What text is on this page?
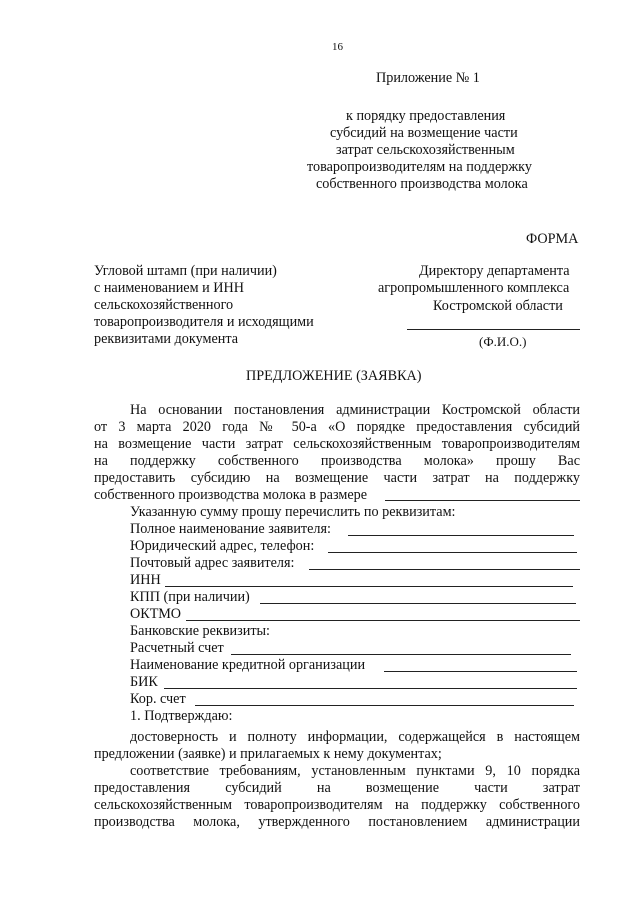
16
Приложение № 1
к порядку предоставления
субсидий на возмещение части
затрат сельскохозяйственным
товаропроизводителям на поддержку
собственного производства молока
ФОРМА
Угловой штамп (при наличии)
с наименованием и ИНН
сельскохозяйственного
товаропроизводителя и исходящими
реквизитами документа
Директору департамента
агропромышленного комплекса
Костромской области
(Ф.И.О.)
ПРЕДЛОЖЕНИЕ (ЗАЯВКА)
На основании постановления администрации Костромской области
от 3 марта 2020 года № 50-а «О порядке предоставления субсидий
на возмещение части затрат сельскохозяйственным товаропроизводителям
на поддержку собственного производства молока» прошу Вас
предоставить субсидию на возмещение части затрат на поддержку
собственного производства молока в размере
Указанную сумму прошу перечислить по реквизитам:
Полное наименование заявителя:
Юридический адрес, телефон:
Почтовый адрес заявителя:
ИНН
КПП (при наличии)
ОКТМО
Банковские реквизиты:
Расчетный счет
Наименование кредитной организации
БИК
Кор. счет
1. Подтверждаю:
достоверность и полноту информации, содержащейся в настоящем
предложении (заявке) и прилагаемых к нему документах;
соответствие требованиям, установленным пунктами 9, 10 порядка
предоставления субсидий на возмещение части затрат
сельскохозяйственным товаропроизводителям на поддержку собственного
производства молока, утвержденного постановлением администрации
